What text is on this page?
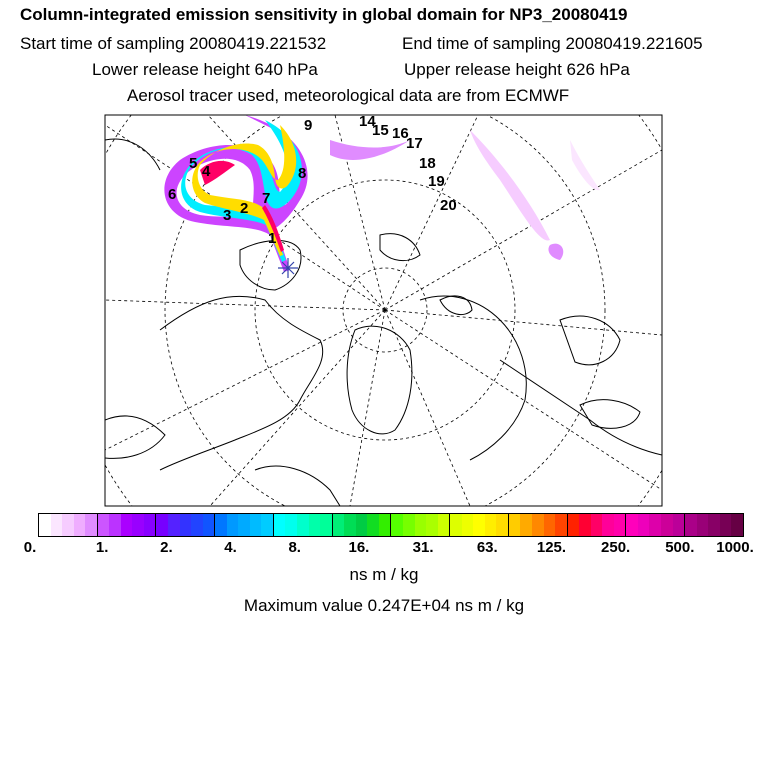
Column-integrated emission sensitivity in global domain for NP3_20080419
Start time of sampling 20080419.221532	End time of sampling 20080419.221605
Lower release height 640 hPa	Upper release height 626 hPa
Aerosol tracer used, meteorological data are from ECMWF
1
2
3
4
5
6	7
8
9	14
15 16
17
18
19
20
0.	1.	2.	4.	8.	16.	31.	63.	125. 250. 500. 1000.
ns m / kg
Maximum value 0.247E+04 ns m / kg
